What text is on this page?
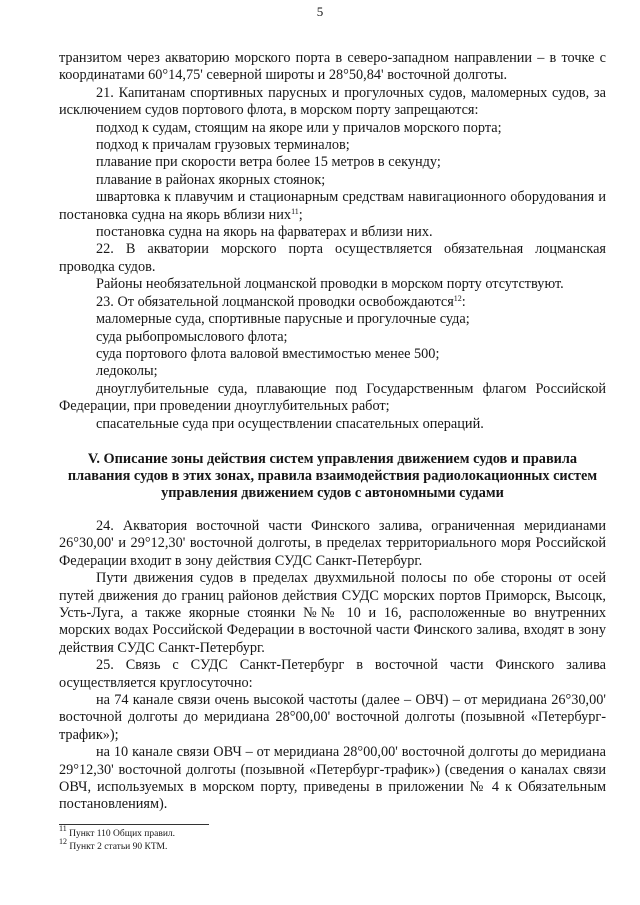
5

транзитом через акваторию морского порта в северо-западном направлении – в точке с координатами 60°14,75' северной широты и 28°50,84' восточной долготы.

21. Капитанам спортивных парусных и прогулочных судов, маломерных судов, за исключением судов портового флота, в морском порту запрещаются:

подход к судам, стоящим на якоре или у причалов морского порта;

подход к причалам грузовых терминалов;

плавание при скорости ветра более 15 метров в секунду;

плавание в районах якорных стоянок;

швартовка к плавучим и стационарным средствам навигационного оборудования и постановка судна на якорь вблизи них$^{11}$;

постановка судна на якорь на фарватерах и вблизи них.

22. В акватории морского порта осуществляется обязательная лоцманская проводка судов.

Районы необязательной лоцманской проводки в морском порту отсутствуют.

23. От обязательной лоцманской проводки освобождаются$^{12}$:

маломерные суда, спортивные парусные и прогулочные суда;

суда рыбопромыслового флота;

суда портового флота валовой вместимостью менее 500;

ледоколы;

дноуглубительные суда, плавающие под Государственным флагом Российской Федерации, при проведении дноуглубительных работ;

спасательные суда при осуществлении спасательных операций.

V. Описание зоны действия систем управления движением судов и правила плавания судов в этих зонах, правила взаимодействия радиолокационных систем управления движением судов с автономными судами

24. Акватория восточной части Финского залива, ограниченная меридианами 26°30,00' и 29°12,30' восточной долготы, в пределах территориального моря Российской Федерации входит в зону действия СУДС Санкт-Петербург.

Пути движения судов в пределах двухмильной полосы по обе стороны от осей путей движения до границ районов действия СУДС морских портов Приморск, Высоцк, Усть-Луга, а также якорные стоянки №№ 10 и 16, расположенные во внутренних морских водах Российской Федерации в восточной части Финского залива, входят в зону действия СУДС Санкт-Петербург.

25. Связь с СУДС Санкт-Петербург в восточной части Финского залива осуществляется круглосуточно:

на 74 канале связи очень высокой частоты (далее – ОВЧ) – от меридиана 26°30,00' восточной долготы до меридиана 28°00,00' восточной долготы (позывной «Петербург-трафик»);

на 10 канале связи ОВЧ – от меридиана 28°00,00' восточной долготы до меридиана 29°12,30' восточной долготы (позывной «Петербург-трафик») (сведения о каналах связи ОВЧ, используемых в морском порту, приведены в приложении № 4 к Обязательным постановлениям).

$^{11}$ Пункт 110 Общих правил.

$^{12}$ Пункт 2 статьи 90 КТМ.
